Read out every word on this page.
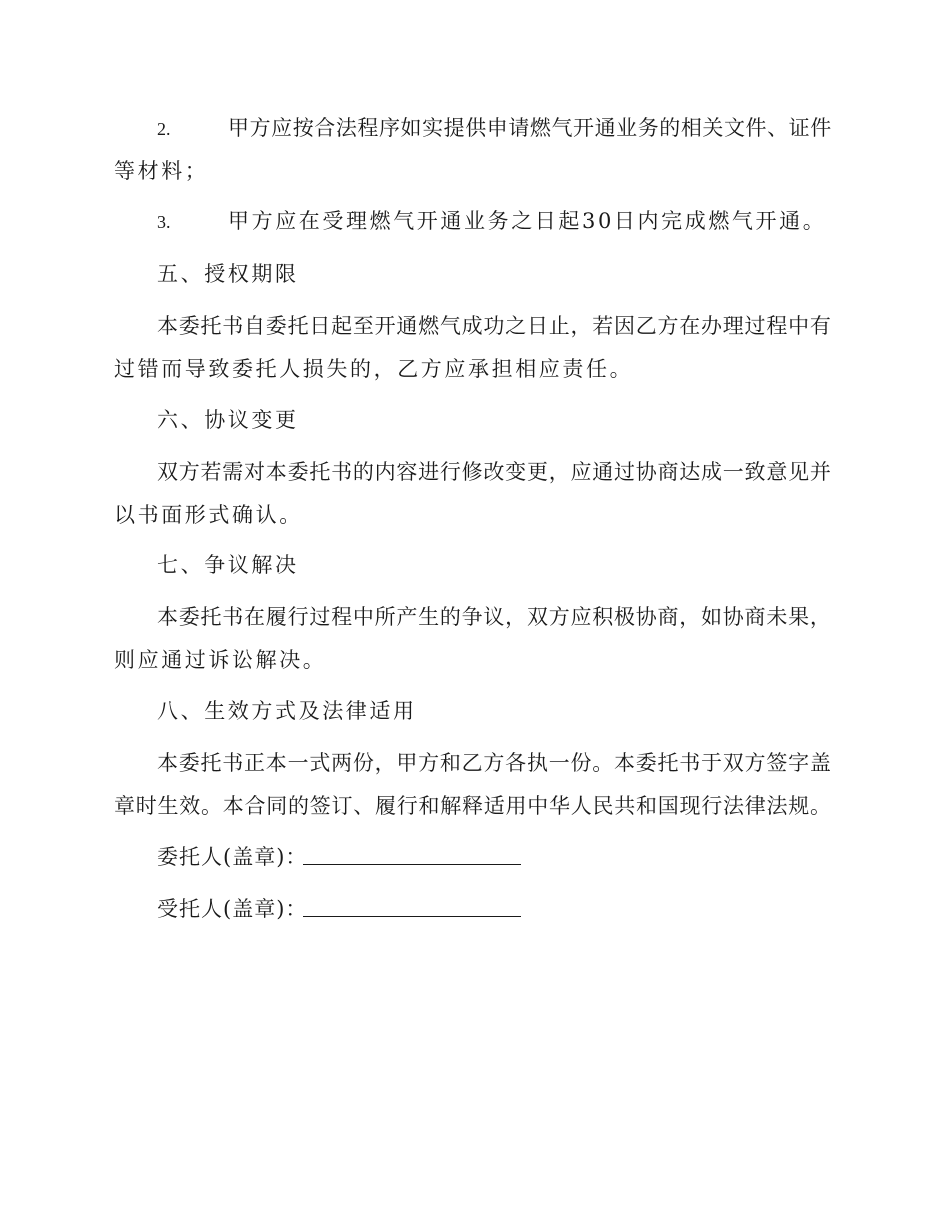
2.	甲方应按合法程序如实提供申请燃气开通业务的相关文件、证件
等材料；
3.	甲方应在受理燃气开通业务之日起30日内完成燃气开通。
五、授权期限
本委托书自委托日起至开通燃气成功之日止，若因乙方在办理过程中有
过错而导致委托人损失的，乙方应承担相应责任。
六、协议变更
双方若需对本委托书的内容进行修改变更，应通过协商达成一致意见并
以书面形式确认。
七、争议解决
本委托书在履行过程中所产生的争议，双方应积极协商，如协商未果，
则应通过诉讼解决。
八、生效方式及法律适用
本委托书正本一式两份，甲方和乙方各执一份。本委托书于双方签字盖
章时生效。本合同的签订、履行和解释适用中华人民共和国现行法律法规。
委托人(盖章)：
受托人(盖章)：
